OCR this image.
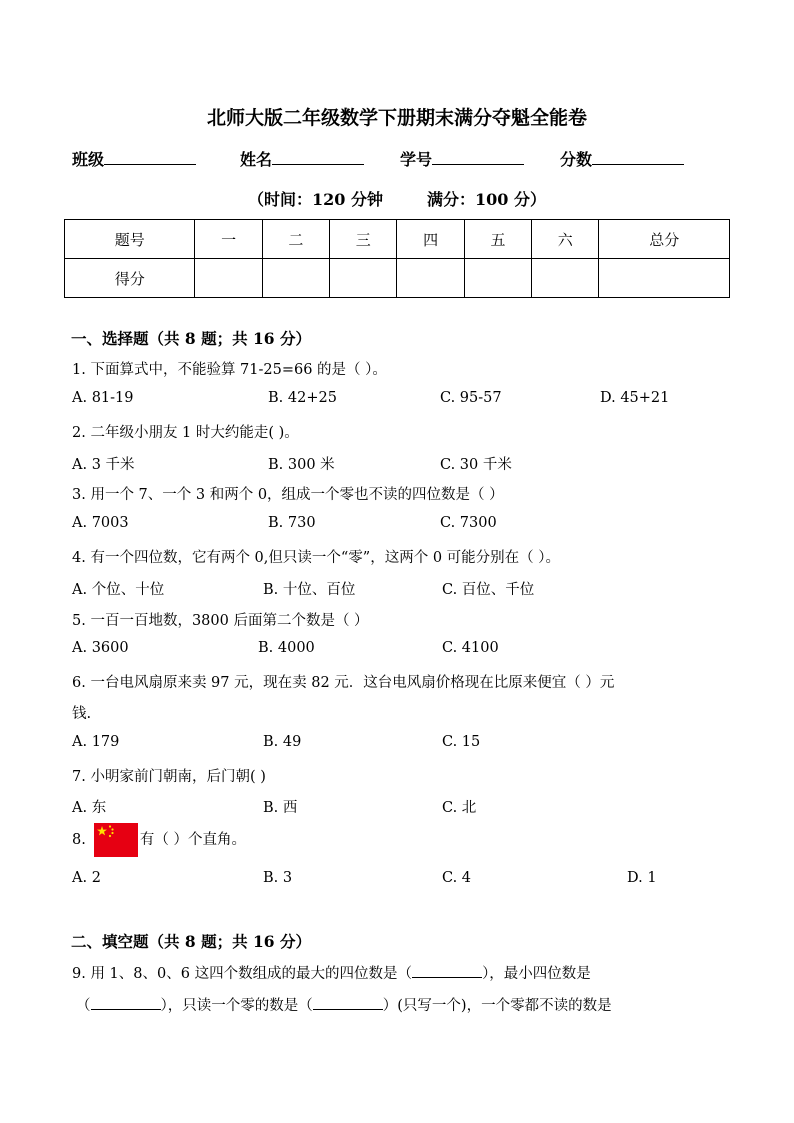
北师大版二年级数学下册期末满分夺魁全能卷
班级	姓名	学号	分数
（时间：120 分钟	满分：100 分）
题号	一	二	三	四	五	六	总分
得分							
一、选择题（共 8 题；共 16 分）
1. 下面算式中，不能验算 71-25=66 的是（ ）。
A. 81-19	B. 42+25	C. 95-57	D. 45+21
2. 二年级小朋友 1 时大约能走( )。
A. 3 千米	B. 300 米	C. 30 千米
3. 用一个 7、一个 3 和两个 0，组成一个零也不读的四位数是（ ）
A. 7003	B. 730	C. 7300
4. 有一个四位数，它有两个 0,但只读一个“零”，这两个 0 可能分别在（ ）。
A. 个位、十位	B. 十位、百位	C. 百位、千位
5. 一百一百地数，3800 后面第二个数是（ ）
A. 3600	B. 4000	C. 4100
6. 一台电风扇原来卖 97 元，现在卖 82 元．这台电风扇价格现在比原来便宜（ ）元
钱.
A. 179	B. 49	C. 15
7. 小明家前门朝南，后门朝( )
A. 东	B. 西	C. 北
8.	有（ ）个直角。
A. 2	B. 3	C. 4	D. 1
二、填空题（共 8 题；共 16 分）
9. 用 1、8、0、6 这四个数组成的最大的四位数是（	），最小四位数是
（	），只读一个零的数是（	）(只写一个)，一个零都不读的数是
